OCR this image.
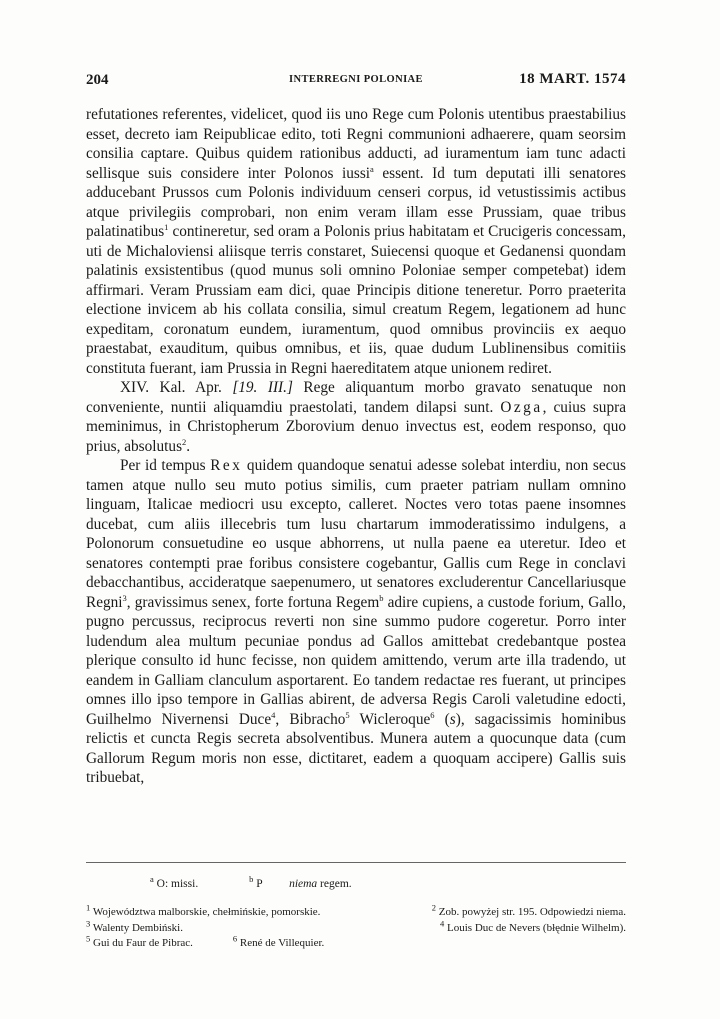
204	INTERREGNI POLONIAE	18 MART. 1574

refutationes referentes, videlicet, quod iis uno Rege cum Polonis utentibus praestabilius esset, decreto iam Reipublicae edito, toti Regni communioni adhaerere, quam seorsim consilia captare. Quibus quidem rationibus adducti, ad iuramentum iam tunc adacti sellisque suis considere inter Polonos iussi$^a$ essent. Id tum deputati illi senatores adducebant Prussos cum Polonis individuum censeri corpus, id vetustissimis actibus atque privilegiis comprobari, non enim veram illam esse Prussiam, quae tribus palatinatibus$^1$ contineretur, sed oram a Polonis prius habitatam et Crucigeris concessam, uti de Michaloviensi aliisque terris constaret, Suiecensi quoque et Gedanensi quondam palatinis exsistentibus (quod munus soli omnino Poloniae semper competebat) idem affirmari. Veram Prussiam eam dici, quae Principis ditione teneretur. Porro praeterita electione invicem ab his collata consilia, simul creatum Regem, legationem ad hunc expeditam, coronatum eundem, iuramentum, quod omnibus provinciis ex aequo praestabat, exauditum, quibus omnibus, et iis, quae dudum Lublinensibus comitiis constituta fuerant, iam Prussia in Regni haereditatem atque unionem rediret.

XIV. Kal. Apr. [19. III.] Rege aliquantum morbo gravato senatuque non conveniente, nuntii aliquamdiu praestolati, tandem dilapsi sunt. Ozga, cuius supra meminimus, in Christopherum Zborovium denuo invectus est, eodem responso, quo prius, absolutus$^2$.

Per id tempus Rex quidem quandoque senatui adesse solebat interdiu, non secus tamen atque nullo seu muto potius similis, cum praeter patriam nullam omnino linguam, Italicae mediocri usu excepto, calleret. Noctes vero totas paene insomnes ducebat, cum aliis illecebris tum lusu chartarum immoderatissimo indulgens, a Polonorum consuetudine eo usque abhorrens, ut nulla paene ea uteretur. Ideo et senatores contempti prae foribus consistere cogebantur, Gallis cum Rege in conclavi debacchantibus, accideratque saepenumero, ut senatores excluderentur Cancellariusque Regni$^3$, gravissimus senex, forte fortuna Regem$^b$ adire cupiens, a custode forium, Gallo, pugno percussus, reciprocus reverti non sine summo pudore cogeretur. Porro inter ludendum alea multum pecuniae pondus ad Gallos amittebat credebantque postea plerique consulto id hunc fecisse, non quidem amittendo, verum arte illa tradendo, ut eandem in Galliam clanculum asportarent. Eo tandem redactae res fuerant, ut principes omnes illo ipso tempore in Gallias abirent, de adversa Regis Caroli valetudine edocti, Guilhelmo Nivernensi Duce$^4$, Bibracho$^5$ Wicleroque$^6$ (s), sagacissimis hominibus relictis et cuncta Regis secreta absolventibus. Munera autem a quocunque data (cum Gallorum Regum moris non esse, dictitaret, eadem a quoquam accipere) Gallis suis tribuebat,

$^a$ O: missi.	$^b$ P niema regem.
$^1$ Województwa malborskie, chełmińskie, pomorskie.	$^2$ Zob. powyżej str. 195. Odpowiedzi niema.
$^3$ Walenty Dembiński.	$^4$ Louis Duc de Nevers (błędnie Wilhelm).
$^5$ Gui du Faur de Pibrac.	$^6$ René de Villequier.
